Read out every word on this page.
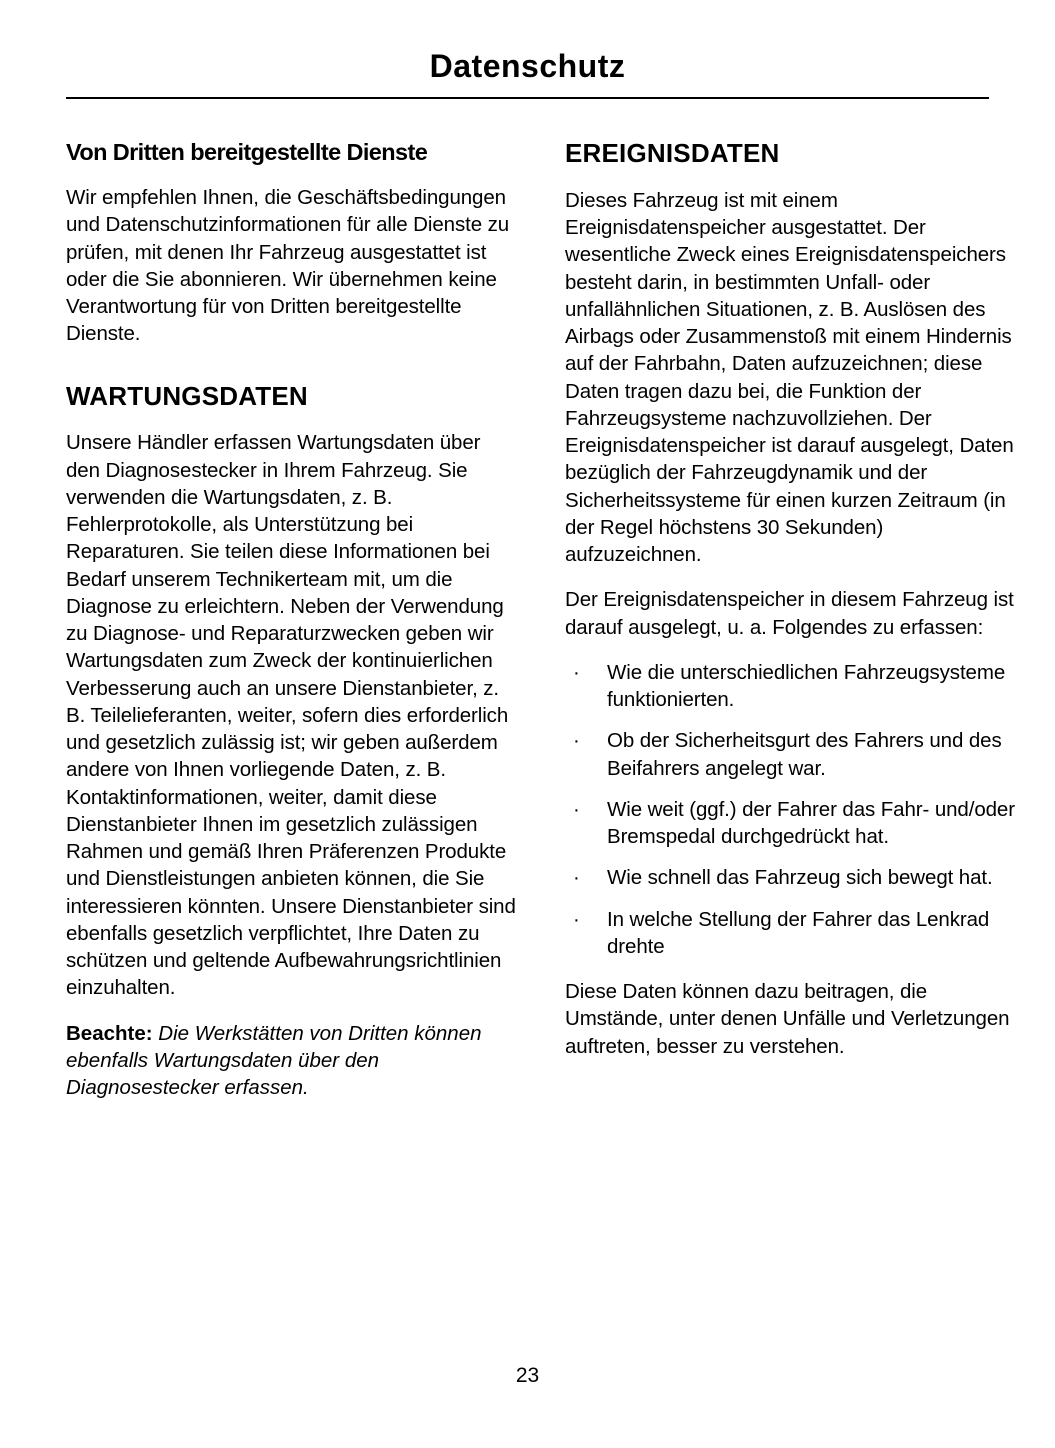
Datenschutz
Von Dritten bereitgestellte Dienste

Wir empfehlen Ihnen, die Geschäftsbedingungen und Datenschutzinformationen für alle Dienste zu prüfen, mit denen Ihr Fahrzeug ausgestattet ist oder die Sie abonnieren. Wir übernehmen keine Verantwortung für von Dritten bereitgestellte Dienste.

WARTUNGSDATEN

Unsere Händler erfassen Wartungsdaten über den Diagnosestecker in Ihrem Fahrzeug. Sie verwenden die Wartungsdaten, z. B. Fehlerprotokolle, als Unterstützung bei Reparaturen. Sie teilen diese Informationen bei Bedarf unserem Technikerteam mit, um die Diagnose zu erleichtern. Neben der Verwendung zu Diagnose- und Reparaturzwecken geben wir Wartungsdaten zum Zweck der kontinuierlichen Verbesserung auch an unsere Dienstanbieter, z. B. Teilelieferanten, weiter, sofern dies erforderlich und gesetzlich zulässig ist; wir geben außerdem andere von Ihnen vorliegende Daten, z. B. Kontaktinformationen, weiter, damit diese Dienstanbieter Ihnen im gesetzlich zulässigen Rahmen und gemäß Ihren Präferenzen Produkte und Dienstleistungen anbieten können, die Sie interessieren könnten. Unsere Dienstanbieter sind ebenfalls gesetzlich verpflichtet, Ihre Daten zu schützen und geltende Aufbewahrungsrichtlinien einzuhalten.

Beachte: Die Werkstätten von Dritten können ebenfalls Wartungsdaten über den Diagnosestecker erfassen.

EREIGNISDATEN

Dieses Fahrzeug ist mit einem Ereignisdatenspeicher ausgestattet. Der wesentliche Zweck eines Ereignisdatenspeichers besteht darin, in bestimmten Unfall- oder unfallähnlichen Situationen, z. B. Auslösen des Airbags oder Zusammenstoß mit einem Hindernis auf der Fahrbahn, Daten aufzuzeichnen; diese Daten tragen dazu bei, die Funktion der Fahrzeugsysteme nachzuvollziehen. Der Ereignisdatenspeicher ist darauf ausgelegt, Daten bezüglich der Fahrzeugdynamik und der Sicherheitssysteme für einen kurzen Zeitraum (in der Regel höchstens 30 Sekunden) aufzuzeichnen.

Der Ereignisdatenspeicher in diesem Fahrzeug ist darauf ausgelegt, u. a. Folgendes zu erfassen:

·	Wie die unterschiedlichen Fahrzeugsysteme funktionierten.
·	Ob der Sicherheitsgurt des Fahrers und des Beifahrers angelegt war.
·	Wie weit (ggf.) der Fahrer das Fahr- und/oder Bremspedal durchgedrückt hat.
·	Wie schnell das Fahrzeug sich bewegt hat.
·	In welche Stellung der Fahrer das Lenkrad drehte

Diese Daten können dazu beitragen, die Umstände, unter denen Unfälle und Verletzungen auftreten, besser zu verstehen.

23
